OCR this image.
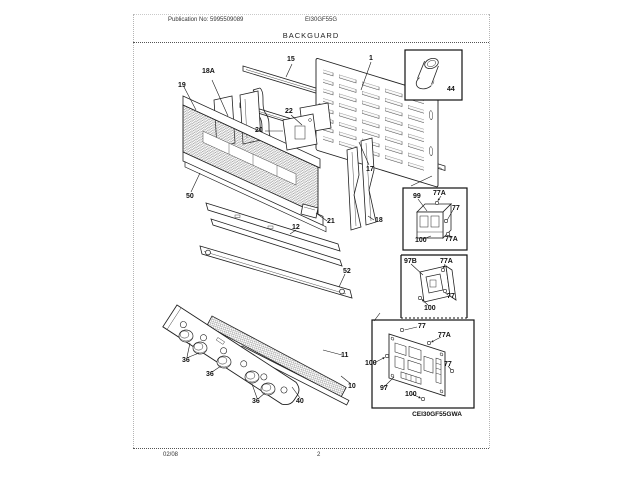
Publication No: 5995509089	EI30GF55G
BACKGUARD
02/08	2
19
18A
15	1
22
20
17
50
21	18
12
52
11
10
36
36
36	40
44
99 77A
77
100	77A
97B	77A
77
100
77
77A
100	77
97
100
CEI30GF55GWA
